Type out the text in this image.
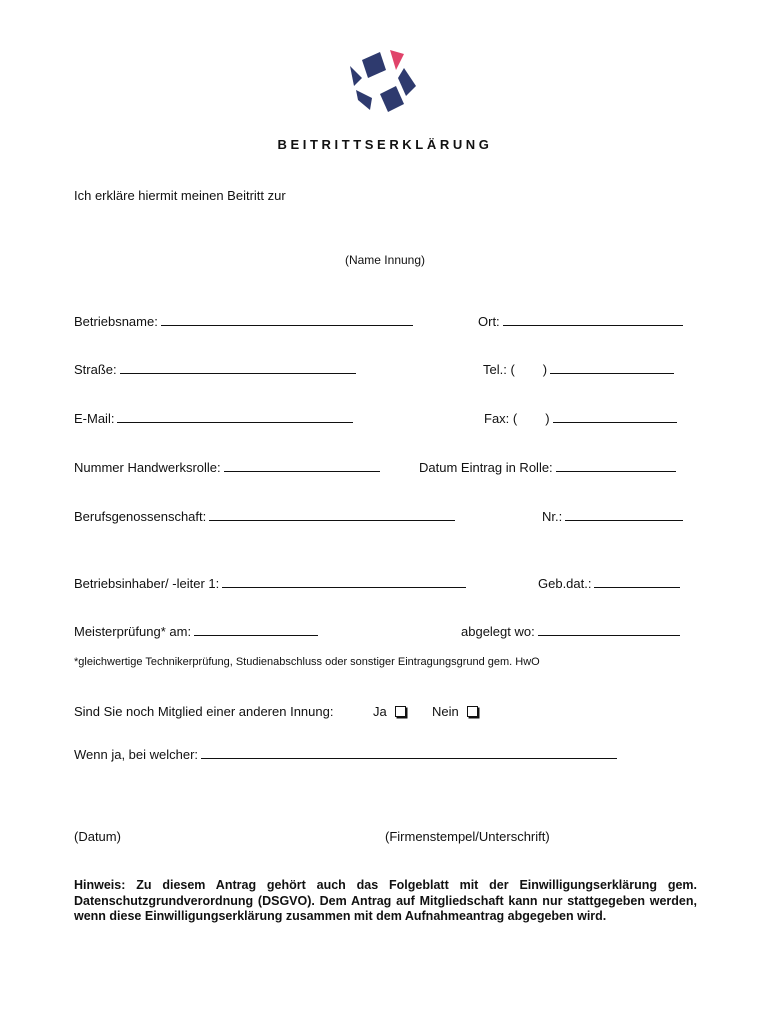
BEITRITTSERKLÄRUNG
Ich erkläre hiermit meinen Beitritt zur
(Name Innung)
Betriebsname:	Ort:
Straße:	Tel.: ( )
E-Mail:	Fax: ( )
Nummer Handwerksrolle:	Datum Eintrag in Rolle:
Berufsgenossenschaft:	Nr.:
Betriebsinhaber/ -leiter 1:	Geb.dat.:
Meisterprüfung* am:	abgelegt wo:
*gleichwertige Technikerprüfung, Studienabschluss oder sonstiger Eintragungsgrund gem. HwO
Sind Sie noch Mitglied einer anderen Innung:	Ja	Nein
Wenn ja, bei welcher:
(Datum)	(Firmenstempel/Unterschrift)
Hinweis: Zu diesem Antrag gehört auch das Folgeblatt mit der Einwilligungserklärung gem. Datenschutzgrundverordnung (DSGVO). Dem Antrag auf Mitgliedschaft kann nur stattgegeben werden, wenn diese Einwilligungserklärung zusammen mit dem Aufnahmeantrag abgegeben wird.
